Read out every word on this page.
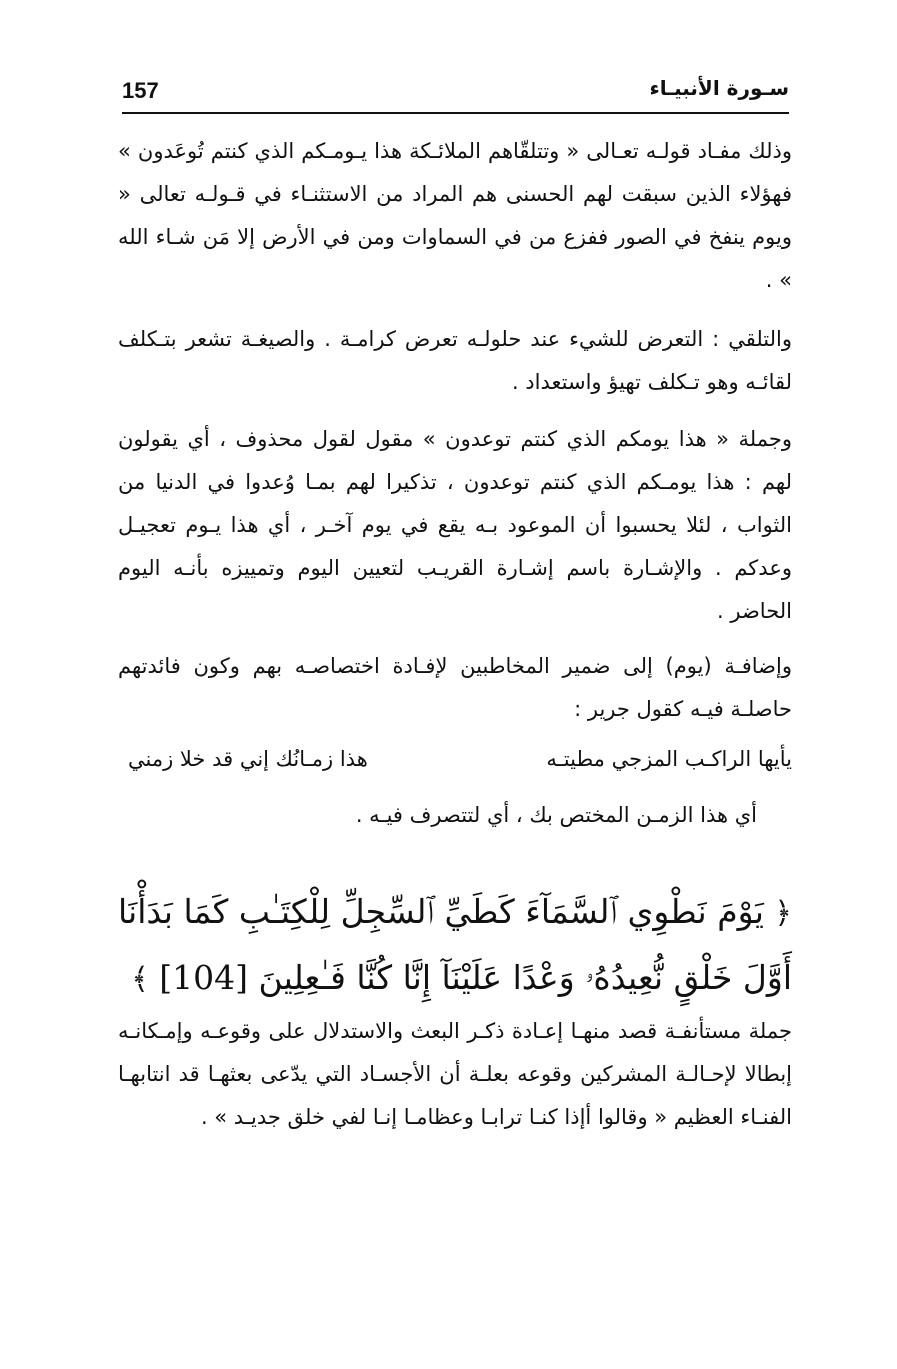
157	سـورة الأنبيـاء
وذلك مفـاد قولـه تعـالى « وتتلقّاهم الملائـكة هذا يـومـكم الذي كنتم تُوعَدون » فهؤلاء الذين سبقت لهم الحسنى هم المراد من الاستثنـاء في قـولـه تعالى « ويوم ينفخ في الصور ففزع من في السماوات ومن في الأرض إلا مَن شـاء الله » .
والتلقي : التعرض للشيء عند حلولـه تعرض كرامـة . والصيغـة تشعر بتـكلف لقائـه وهو تـكلف تهيؤ واستعداد .
وجملة « هذا يومكم الذي كنتم توعدون » مقول لقول محذوف ، أي يقولون لهم : هذا يومـكم الذي كنتم توعدون ، تذكيرا لهم بمـا وُعدوا في الدنيا من الثواب ، لئلا يحسبوا أن الموعود بـه يقع في يوم آخـر ، أي هذا يـوم تعجيـل وعدكم . والإشـارة باسم إشـارة القريـب لتعيين اليوم وتمييزه بأنـه اليوم الحاضر .
وإضافـة (يوم) إلى ضمير المخاطبين لإفـادة اختصاصـه بهم وكون فائدتهم حاصلـة فيـه كقول جرير :
يأيها الراكـب المزجي مطيتـه
هذا زمـانُك إني قد خلا زمني
أي هذا الزمـن المختص بك ، أي لتتصرف فيـه .
﴿ يَوْمَ نَطْوِي ٱلسَّمَآءَ كَطَيِّ ٱلسِّجِلِّ لِلْكِتَـٰبِ كَمَا بَدَأْنَا أَوَّلَ خَلْقٍ نُّعِيدُهُۥ وَعْدًا عَلَيْنَآ إِنَّا كُنَّا فَـٰعِلِينَ [104] ﴾
جملة مستأنفـة قصد منهـا إعـادة ذكـر البعث والاستدلال على وقوعـه وإمـكانـه إبطالا لإحـالـة المشركين وقوعه بعلـة أن الأجسـاد التي يدّعى بعثهـا قد انتابهـا الفنـاء العظيم « وقالوا أإذا كنـا ترابـا وعظامـا إنـا لفي خلق جديـد » .
